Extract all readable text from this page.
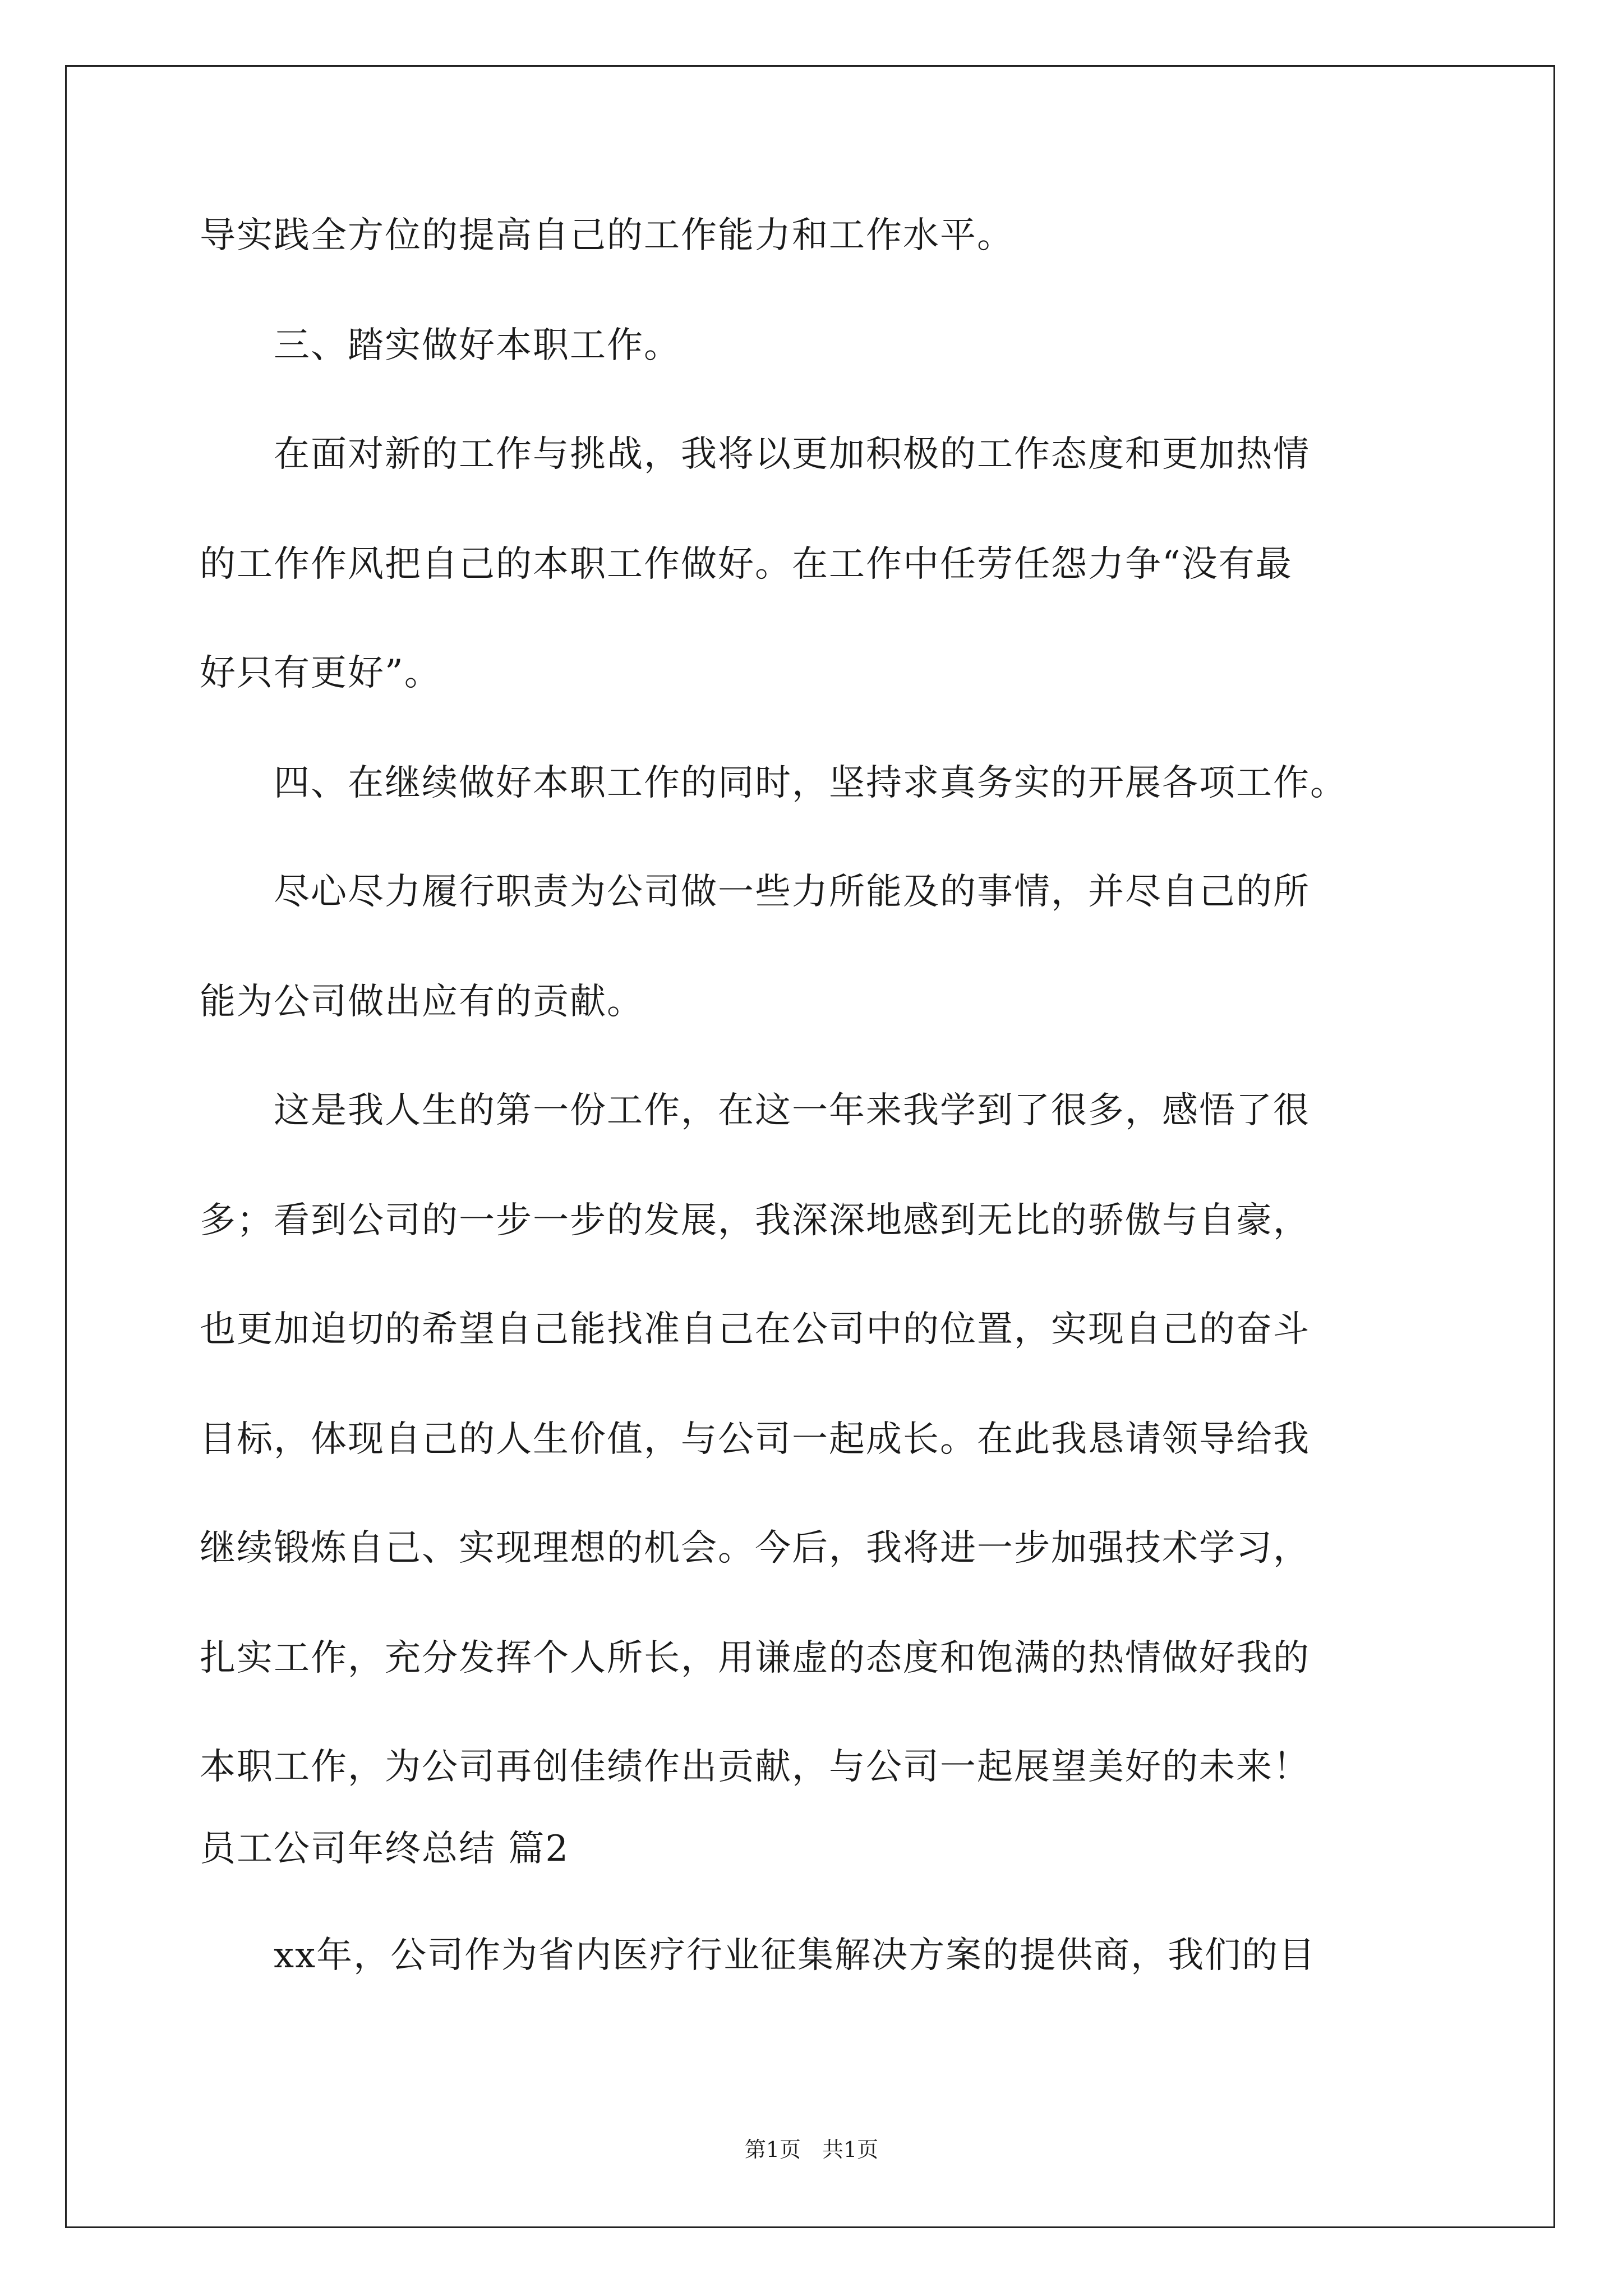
导实践全方位的提高自己的工作能力和工作水平。

　　三、踏实做好本职工作。

　　在面对新的工作与挑战，我将以更加积极的工作态度和更加热情

的工作作风把自己的本职工作做好。在工作中任劳任怨力争“没有最

好只有更好”。

　　四、在继续做好本职工作的同时，坚持求真务实的开展各项工作。

　　尽心尽力履行职责为公司做一些力所能及的事情，并尽自己的所

能为公司做出应有的贡献。

　　这是我人生的第一份工作，在这一年来我学到了很多，感悟了很

多；看到公司的一步一步的发展，我深深地感到无比的骄傲与自豪，

也更加迫切的希望自己能找准自己在公司中的位置，实现自己的奋斗

目标，体现自己的人生价值，与公司一起成长。在此我恳请领导给我

继续锻炼自己、实现理想的机会。今后，我将进一步加强技术学习，

扎实工作，充分发挥个人所长，用谦虚的态度和饱满的热情做好我的

本职工作，为公司再创佳绩作出贡献，与公司一起展望美好的未来！

员工公司年终总结 篇2

　　xx年，公司作为省内医疗行业征集解决方案的提供商，我们的目

第1页　共1页
